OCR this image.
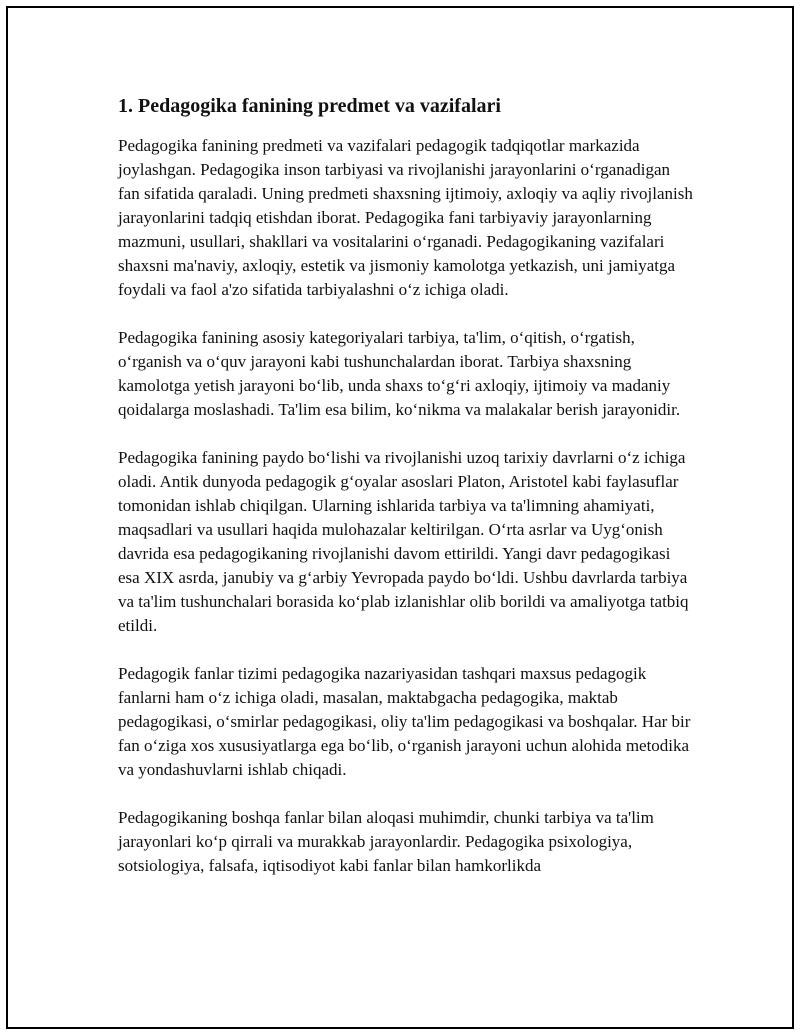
1. Pedagogika fanining predmet va vazifalari

Pedagogika fanining predmeti va vazifalari pedagogik tadqiqotlar markazida joylashgan. Pedagogika inson tarbiyasi va rivojlanishi jarayonlarini o‘rganadigan fan sifatida qaraladi. Uning predmeti shaxsning ijtimoiy, axloqiy va aqliy rivojlanish jarayonlarini tadqiq etishdan iborat. Pedagogika fani tarbiyaviy jarayonlarning mazmuni, usullari, shakllari va vositalarini o‘rganadi. Pedagogikaning vazifalari shaxsni ma'naviy, axloqiy, estetik va jismoniy kamolotga yetkazish, uni jamiyatga foydali va faol a'zo sifatida tarbiyalashni o‘z ichiga oladi.

Pedagogika fanining asosiy kategoriyalari tarbiya, ta'lim, o‘qitish, o‘rgatish, o‘rganish va o‘quv jarayoni kabi tushunchalardan iborat. Tarbiya shaxsning kamolotga yetish jarayoni bo‘lib, unda shaxs to‘g‘ri axloqiy, ijtimoiy va madaniy qoidalarga moslashadi. Ta'lim esa bilim, ko‘nikma va malakalar berish jarayonidir.

Pedagogika fanining paydo bo‘lishi va rivojlanishi uzoq tarixiy davrlarni o‘z ichiga oladi. Antik dunyoda pedagogik g‘oyalar asoslari Platon, Aristotel kabi faylasuflar tomonidan ishlab chiqilgan. Ularning ishlarida tarbiya va ta'limning ahamiyati, maqsadlari va usullari haqida mulohazalar keltirilgan. O‘rta asrlar va Uyg‘onish davrida esa pedagogikaning rivojlanishi davom ettirildi. Yangi davr pedagogikasi esa XIX asrda, janubiy va g‘arbiy Yevropada paydo bo‘ldi. Ushbu davrlarda tarbiya va ta'lim tushunchalari borasida ko‘plab izlanishlar olib borildi va amaliyotga tatbiq etildi.

Pedagogik fanlar tizimi pedagogika nazariyasidan tashqari maxsus pedagogik fanlarni ham o‘z ichiga oladi, masalan, maktabgacha pedagogika, maktab pedagogikasi, o‘smirlar pedagogikasi, oliy ta'lim pedagogikasi va boshqalar. Har bir fan o‘ziga xos xususiyatlarga ega bo‘lib, o‘rganish jarayoni uchun alohida metodika va yondashuvlarni ishlab chiqadi.

Pedagogikaning boshqa fanlar bilan aloqasi muhimdir, chunki tarbiya va ta'lim jarayonlari ko‘p qirrali va murakkab jarayonlardir. Pedagogika psixologiya, sotsiologiya, falsafa, iqtisodiyot kabi fanlar bilan hamkorlikda
